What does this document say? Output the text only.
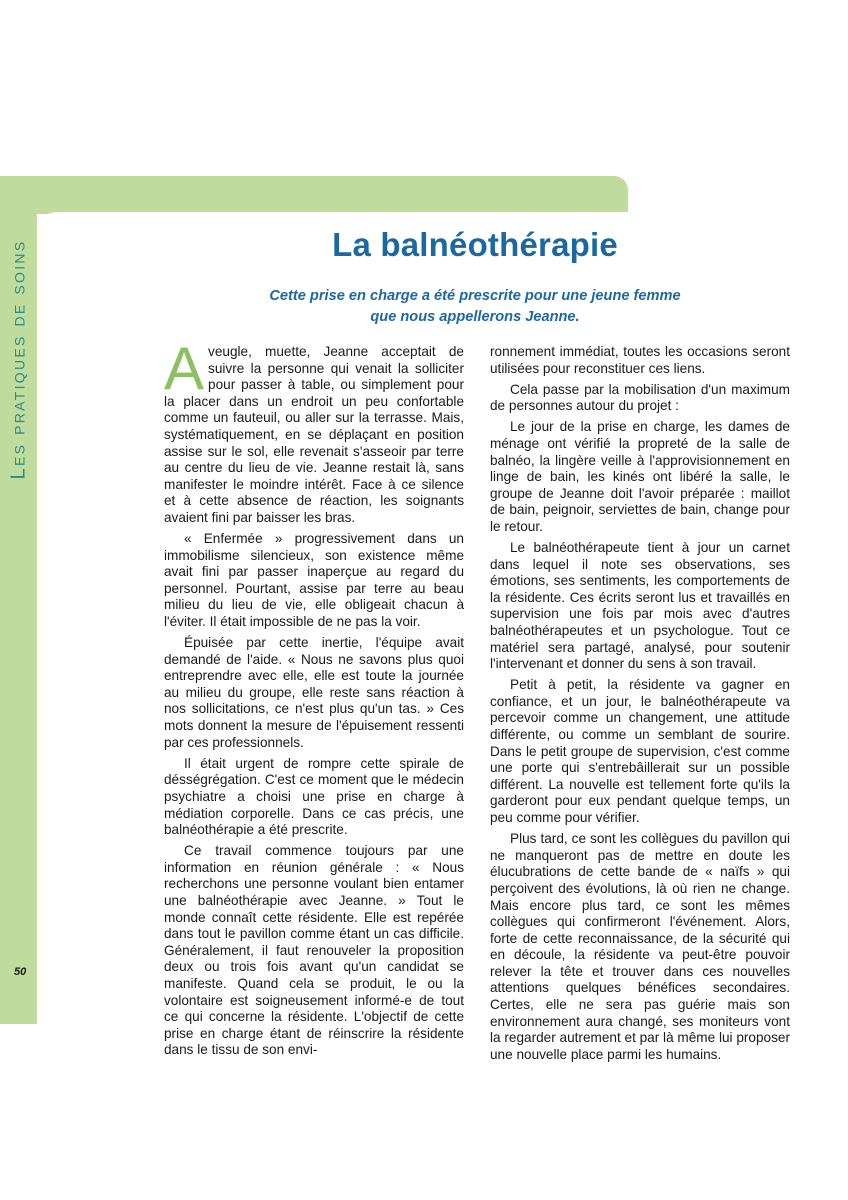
Les pratiques de soins
50
La balnéothérapie
Cette prise en charge a été prescrite pour une jeune femme
que nous appellerons Jeanne.

Aveugle, muette, Jeanne acceptait de suivre la personne qui venait la solliciter pour passer à table, ou simplement pour la placer dans un endroit un peu confortable comme un fauteuil, ou aller sur la terrasse. Mais, systématiquement, en se déplaçant en position assise sur le sol, elle revenait s'asseoir par terre au centre du lieu de vie. Jeanne restait là, sans manifester le moindre intérêt. Face à ce silence et à cette absence de réaction, les soignants avaient fini par baisser les bras.

« Enfermée » progressivement dans un immobilisme silencieux, son existence même avait fini par passer inaperçue au regard du personnel. Pourtant, assise par terre au beau milieu du lieu de vie, elle obligeait chacun à l'éviter. Il était impossible de ne pas la voir.

Épuisée par cette inertie, l'équipe avait demandé de l'aide. « Nous ne savons plus quoi entreprendre avec elle, elle est toute la journée au milieu du groupe, elle reste sans réaction à nos sollicitations, ce n'est plus qu'un tas. » Ces mots donnent la mesure de l'épuisement ressenti par ces professionnels.

Il était urgent de rompre cette spirale de désségrégation. C'est ce moment que le médecin psychiatre a choisi une prise en charge à médiation corporelle. Dans ce cas précis, une balnéothérapie a été prescrite.

Ce travail commence toujours par une information en réunion générale : « Nous recherchons une personne voulant bien entamer une balnéothérapie avec Jeanne. » Tout le monde connaît cette résidente. Elle est repérée dans tout le pavillon comme étant un cas difficile. Généralement, il faut renouveler la proposition deux ou trois fois avant qu'un candidat se manifeste. Quand cela se produit, le ou la volontaire est soigneusement informé-e de tout ce qui concerne la résidente. L'objectif de cette prise en charge étant de réinscrire la résidente dans le tissu de son envi-

ronnement immédiat, toutes les occasions seront utilisées pour reconstituer ces liens.

Cela passe par la mobilisation d'un maximum de personnes autour du projet :

Le jour de la prise en charge, les dames de ménage ont vérifié la propreté de la salle de balnéo, la lingère veille à l'approvisionnement en linge de bain, les kinés ont libéré la salle, le groupe de Jeanne doit l'avoir préparée : maillot de bain, peignoir, serviettes de bain, change pour le retour.

Le balnéothérapeute tient à jour un carnet dans lequel il note ses observations, ses émotions, ses sentiments, les comportements de la résidente. Ces écrits seront lus et travaillés en supervision une fois par mois avec d'autres balnéothérapeutes et un psychologue. Tout ce matériel sera partagé, analysé, pour soutenir l'intervenant et donner du sens à son travail.

Petit à petit, la résidente va gagner en confiance, et un jour, le balnéothérapeute va percevoir comme un changement, une attitude différente, ou comme un semblant de sourire. Dans le petit groupe de supervision, c'est comme une porte qui s'entrebâillerait sur un possible différent. La nouvelle est tellement forte qu'ils la garderont pour eux pendant quelque temps, un peu comme pour vérifier.

Plus tard, ce sont les collègues du pavillon qui ne manqueront pas de mettre en doute les élucubrations de cette bande de « naïfs » qui perçoivent des évolutions, là où rien ne change. Mais encore plus tard, ce sont les mêmes collègues qui confirmeront l'événement. Alors, forte de cette reconnaissance, de la sécurité qui en découle, la résidente va peut-être pouvoir relever la tête et trouver dans ces nouvelles attentions quelques bénéfices secondaires. Certes, elle ne sera pas guérie mais son environnement aura changé, ses moniteurs vont la regarder autrement et par là même lui proposer une nouvelle place parmi les humains.
